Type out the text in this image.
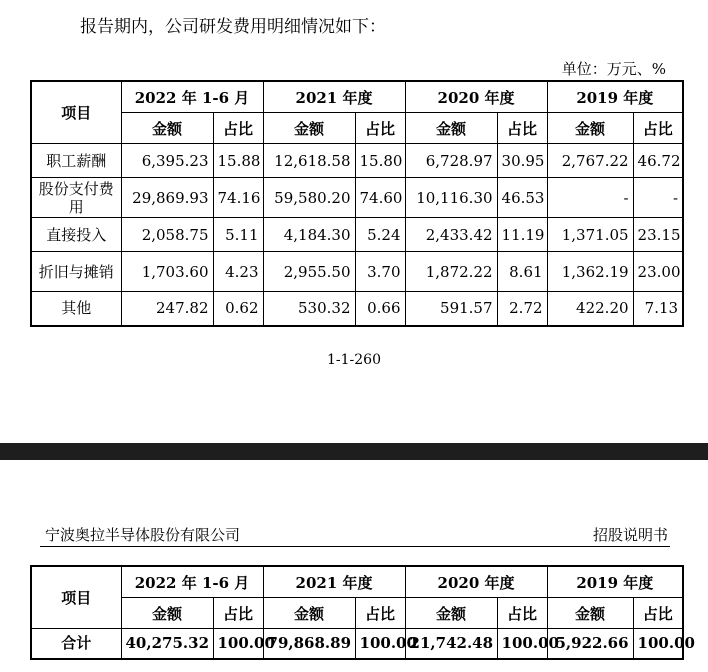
报告期内，公司研发费用明细情况如下：
单位：万元、%
项目	2022 年 1-6 月		2021 年度		2020 年度		2019 年度	
	金额	占比	金额	占比	金额	占比	金额	占比
职工薪酬	6,395.23	15.88	12,618.58	15.80	6,728.97	30.95	2,767.22	46.72
股份支付费用	29,869.93	74.16	59,580.20	74.60	10,116.30	46.53	-	-
直接投入	2,058.75	5.11	4,184.30	5.24	2,433.42	11.19	1,371.05	23.15
折旧与摊销	1,703.60	4.23	2,955.50	3.70	1,872.22	8.61	1,362.19	23.00
其他	247.82	0.62	530.32	0.66	591.57	2.72	422.20	7.13
1-1-260
宁波奥拉半导体股份有限公司	招股说明书
项目	2022 年 1-6 月		2021 年度		2020 年度		2019 年度	
	金额	占比	金额	占比	金额	占比	金额	占比
合计	40,275.32	100.00	79,868.89	100.00	21,742.48	100.00	5,922.66	100.00
